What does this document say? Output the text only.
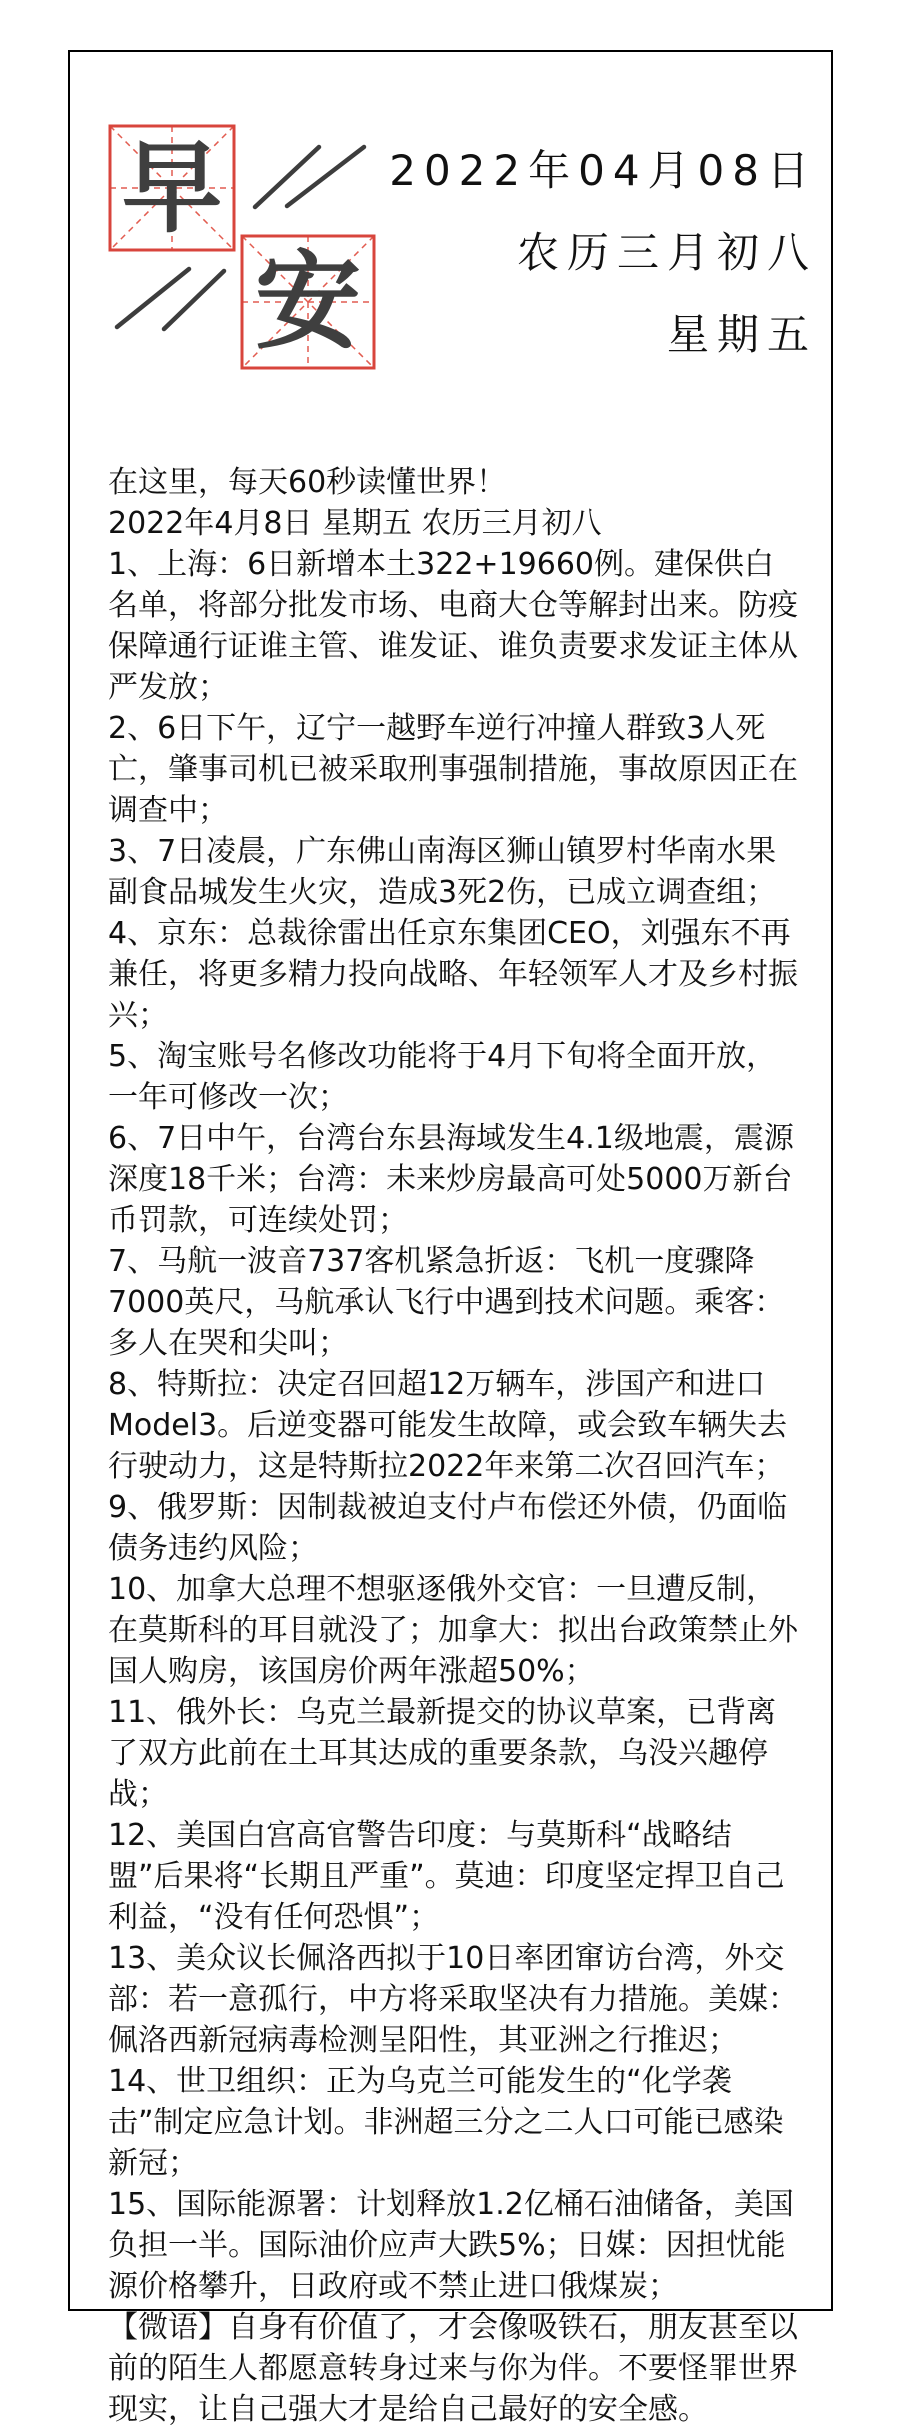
早
安
2022年04月08日
农历三月初八
星期五

在这里，每天60秒读懂世界！

2022年4月8日 星期五 农历三月初八

1、上海：6日新增本土322+19660例。建保供白名单，将部分批发市场、电商大仓等解封出来。防疫保障通行证谁主管、谁发证、谁负责要求发证主体从严发放；

2、6日下午，辽宁一越野车逆行冲撞人群致3人死亡，肇事司机已被采取刑事强制措施，事故原因正在调查中；

3、7日凌晨，广东佛山南海区狮山镇罗村华南水果副食品城发生火灾，造成3死2伤，已成立调查组；

4、京东：总裁徐雷出任京东集团CEO，刘强东不再兼任，将更多精力投向战略、年轻领军人才及乡村振兴；

5、淘宝账号名修改功能将于4月下旬将全面开放，一年可修改一次；

6、7日中午，台湾台东县海域发生4.1级地震，震源深度18千米；台湾：未来炒房最高可处5000万新台币罚款，可连续处罚；

7、马航一波音737客机紧急折返：飞机一度骤降7000英尺，马航承认飞行中遇到技术问题。乘客：多人在哭和尖叫；

8、特斯拉：决定召回超12万辆车，涉国产和进口Model3。后逆变器可能发生故障，或会致车辆失去行驶动力，这是特斯拉2022年来第二次召回汽车；

9、俄罗斯：因制裁被迫支付卢布偿还外债，仍面临债务违约风险；

10、加拿大总理不想驱逐俄外交官：一旦遭反制，在莫斯科的耳目就没了；加拿大：拟出台政策禁止外国人购房，该国房价两年涨超50%；

11、俄外长：乌克兰最新提交的协议草案，已背离了双方此前在土耳其达成的重要条款，乌没兴趣停战；

12、美国白宫高官警告印度：与莫斯科“战略结盟”后果将“长期且严重”。莫迪：印度坚定捍卫自己利益，“没有任何恐惧”；

13、美众议长佩洛西拟于10日率团窜访台湾，外交部：若一意孤行，中方将采取坚决有力措施。美媒：佩洛西新冠病毒检测呈阳性，其亚洲之行推迟；

14、世卫组织：正为乌克兰可能发生的“化学袭击”制定应急计划。非洲超三分之二人口可能已感染新冠；

15、国际能源署：计划释放1.2亿桶石油储备，美国负担一半。国际油价应声大跌5%；日媒：因担忧能源价格攀升，日政府或不禁止进口俄煤炭；

【微语】自身有价值了，才会像吸铁石，朋友甚至以前的陌生人都愿意转身过来与你为伴。不要怪罪世界现实，让自己强大才是给自己最好的安全感。
